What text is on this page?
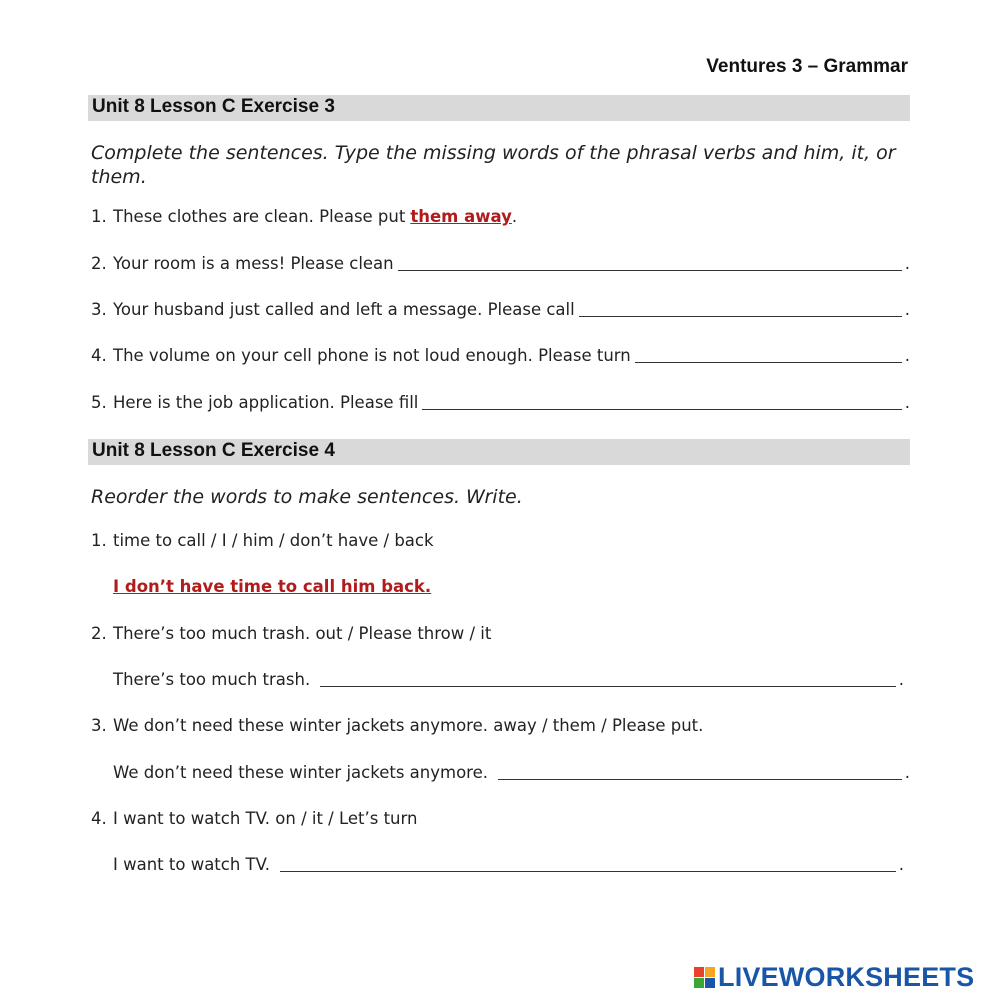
Ventures 3 – Grammar
Unit 8 Lesson C Exercise 3
Complete the sentences. Type the missing words of the phrasal verbs and him, it, or them.
1. These clothes are clean. Please put them away .
2. Your room is a mess! Please clean	.
3. Your husband just called and left a message. Please call	.
4. The volume on your cell phone is not loud enough. Please turn	.
5. Here is the job application. Please fill	.
Unit 8 Lesson C Exercise 4
Reorder the words to make sentences. Write.
1. time to call / I / him / don’t have / back
I don’t have time to call him back.
2. There’s too much trash. out / Please throw / it
There’s too much trash.	.
3. We don’t need these winter jackets anymore. away / them / Please put.
We don’t need these winter jackets anymore.	.
4. I want to watch TV. on / it / Let’s turn
I want to watch TV.	.
LIVEWORKSHEETS
